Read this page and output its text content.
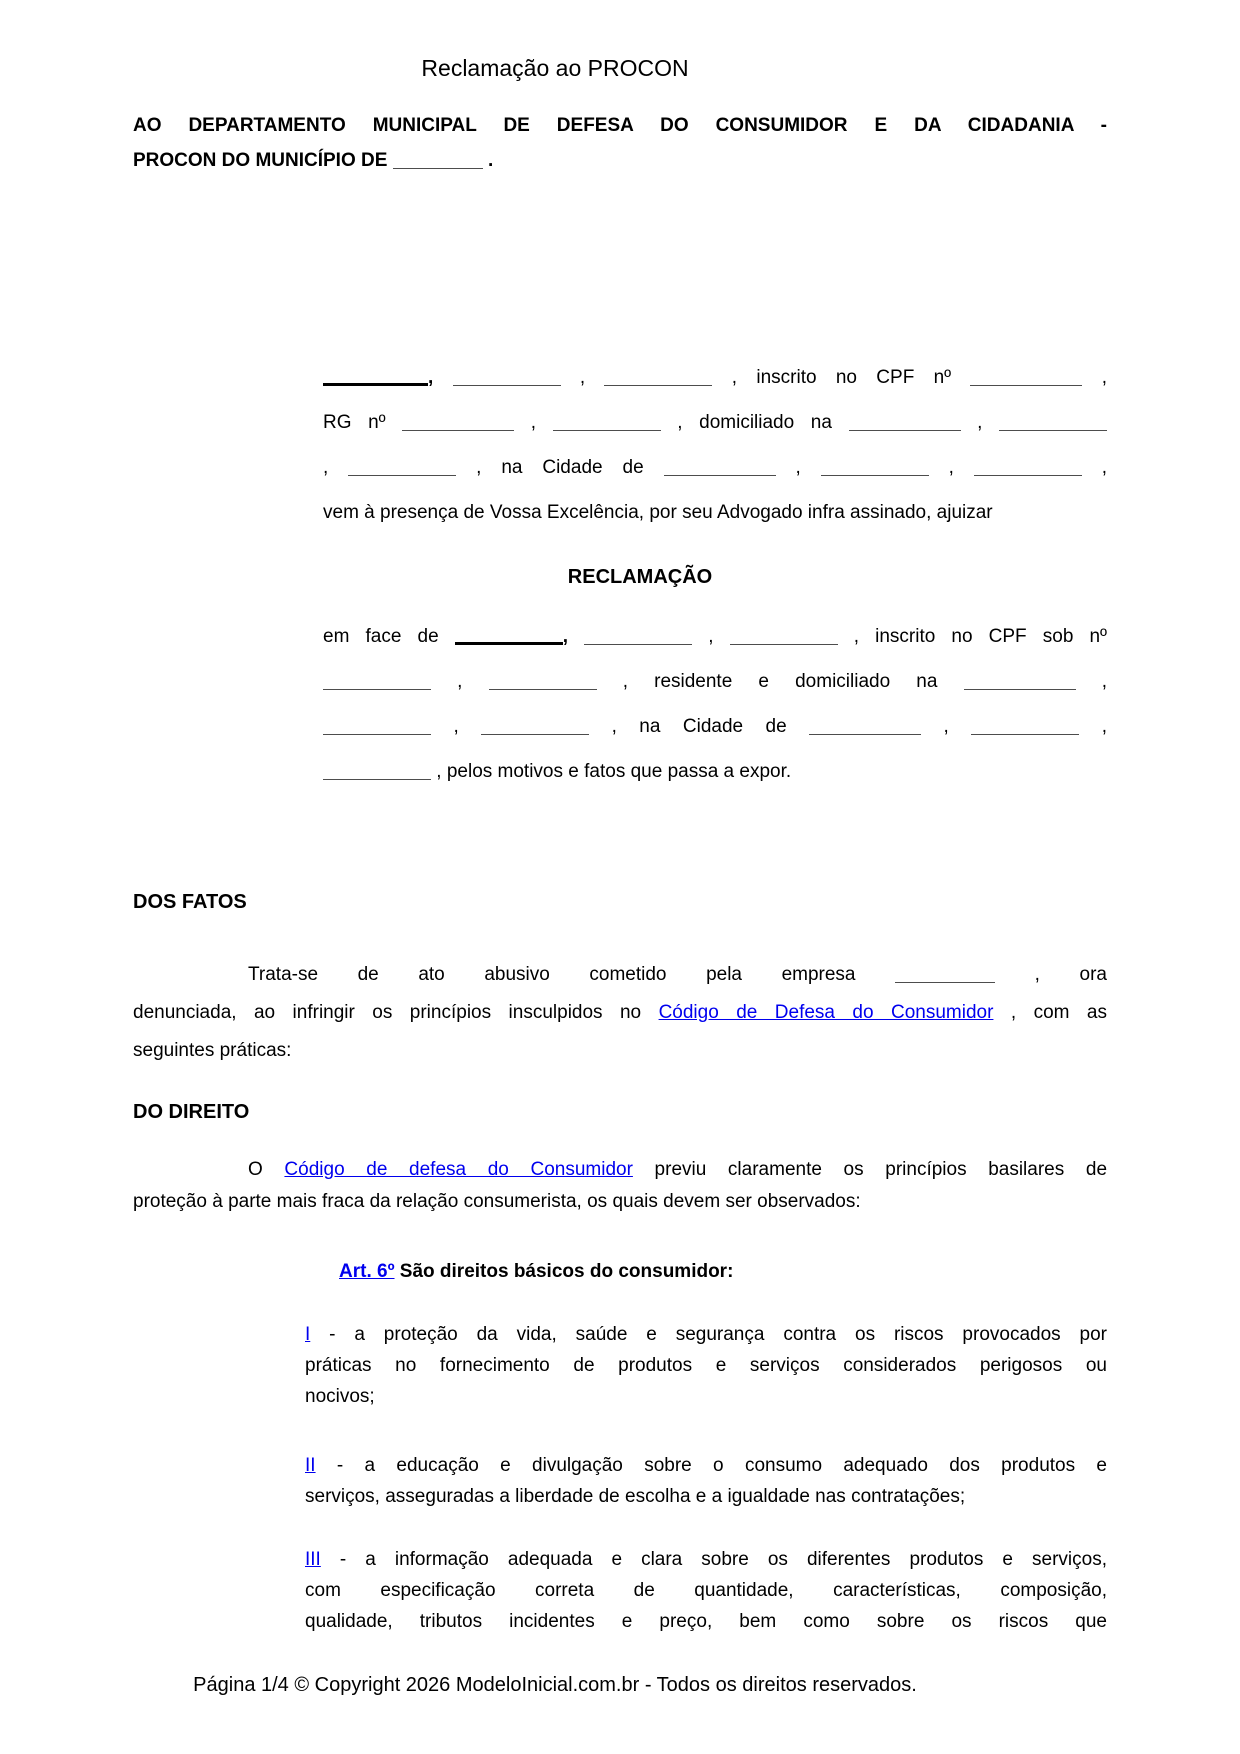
Reclamação ao PROCON
AO DEPARTAMENTO MUNICIPAL DE DEFESA DO CONSUMIDOR E DA CIDADANIA -
PROCON DO MUNICÍPIO DE	.
,	,	, inscrito no CPF nº	,
RG nº	,	, domiciliado na	,
,	, na Cidade de	,	,	,
vem à presença de Vossa Excelência, por seu Advogado infra assinado, ajuizar
RECLAMAÇÃO
em face de	,	,	, inscrito no CPF sob nº
,	, residente e domiciliado na	,
,	, na Cidade de	,	,
, pelos motivos e fatos que passa a expor.
DOS FATOS
Trata-se de ato abusivo cometido pela empresa	, ora
denunciada, ao infringir os princípios insculpidos no Código de Defesa do Consumidor , com as
seguintes práticas:
DO DIREITO
O Código de defesa do Consumidor previu claramente os princípios basilares de
proteção à parte mais fraca da relação consumerista, os quais devem ser observados:
Art. 6º São direitos básicos do consumidor:
I - a proteção da vida, saúde e segurança contra os riscos provocados por
práticas no fornecimento de produtos e serviços considerados perigosos ou
nocivos;
II - a educação e divulgação sobre o consumo adequado dos produtos e
serviços, asseguradas a liberdade de escolha e a igualdade nas contratações;
III - a informação adequada e clara sobre os diferentes produtos e serviços,
com especificação correta de quantidade, características, composição,
qualidade, tributos incidentes e preço, bem como sobre os riscos que
Página 1/4 © Copyright 2026 ModeloInicial.com.br - Todos os direitos reservados.
